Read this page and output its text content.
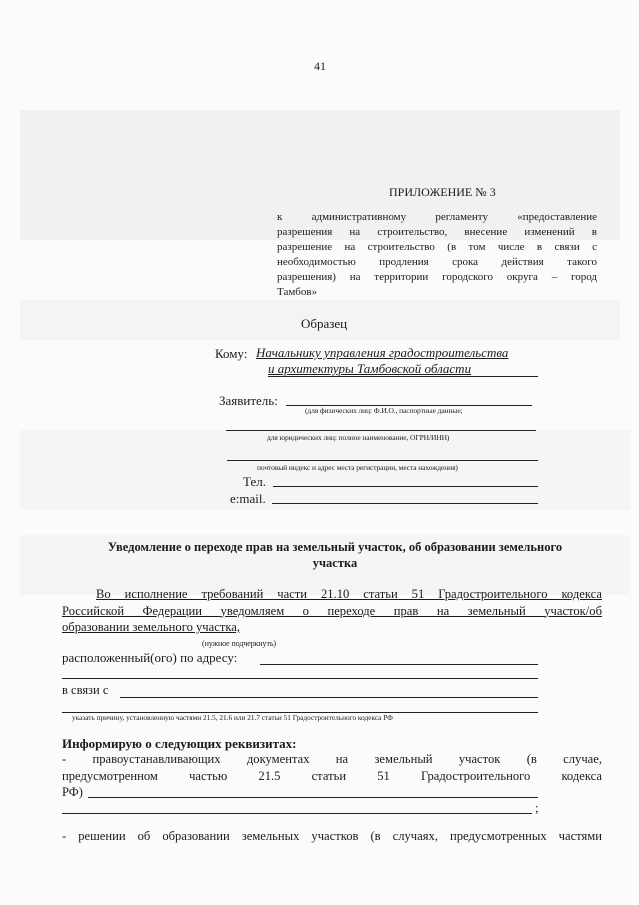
41
ПРИЛОЖЕНИЕ № 3
к административному регламенту «предоставление
разрешения на строительство, внесение изменений в
разрешение на строительство (в том числе в связи с
необходимостью продления срока действия такого
разрешения) на территории городского округа – город
Тамбов»
Образец
Кому: Начальнику управления градостроительства
и архитектуры Тамбовской области
Заявитель:
(для физических лиц: Ф.И.О., паспортные данные;
для юридических лиц: полное наименование, ОГРН/ИНН)
почтовый индекс и адрес места регистрации, места нахождения)
Тел.
e:mail.
Уведомление о переходе прав на земельный участок, об образовании земельного
участка
Во исполнение требований части 21.10 статьи 51 Градостроительного кодекса
Российской Федерации уведомляем о переходе прав на земельный участок/об
образовании земельного участка,
(нужное подчеркнуть)
расположенный(ого) по адресу:
в связи с
указать причину, установленную частями 21.5, 21.6 или 21.7 статьи 51 Градостроительного кодекса РФ
Информирую о следующих реквизитах:
- правоустанавливающих документах на земельный участок (в случае,
предусмотренном частью 21.5 статьи 51 Градостроительного кодекса
РФ)
;
- решении об образовании земельных участков (в случаях, предусмотренных частями
